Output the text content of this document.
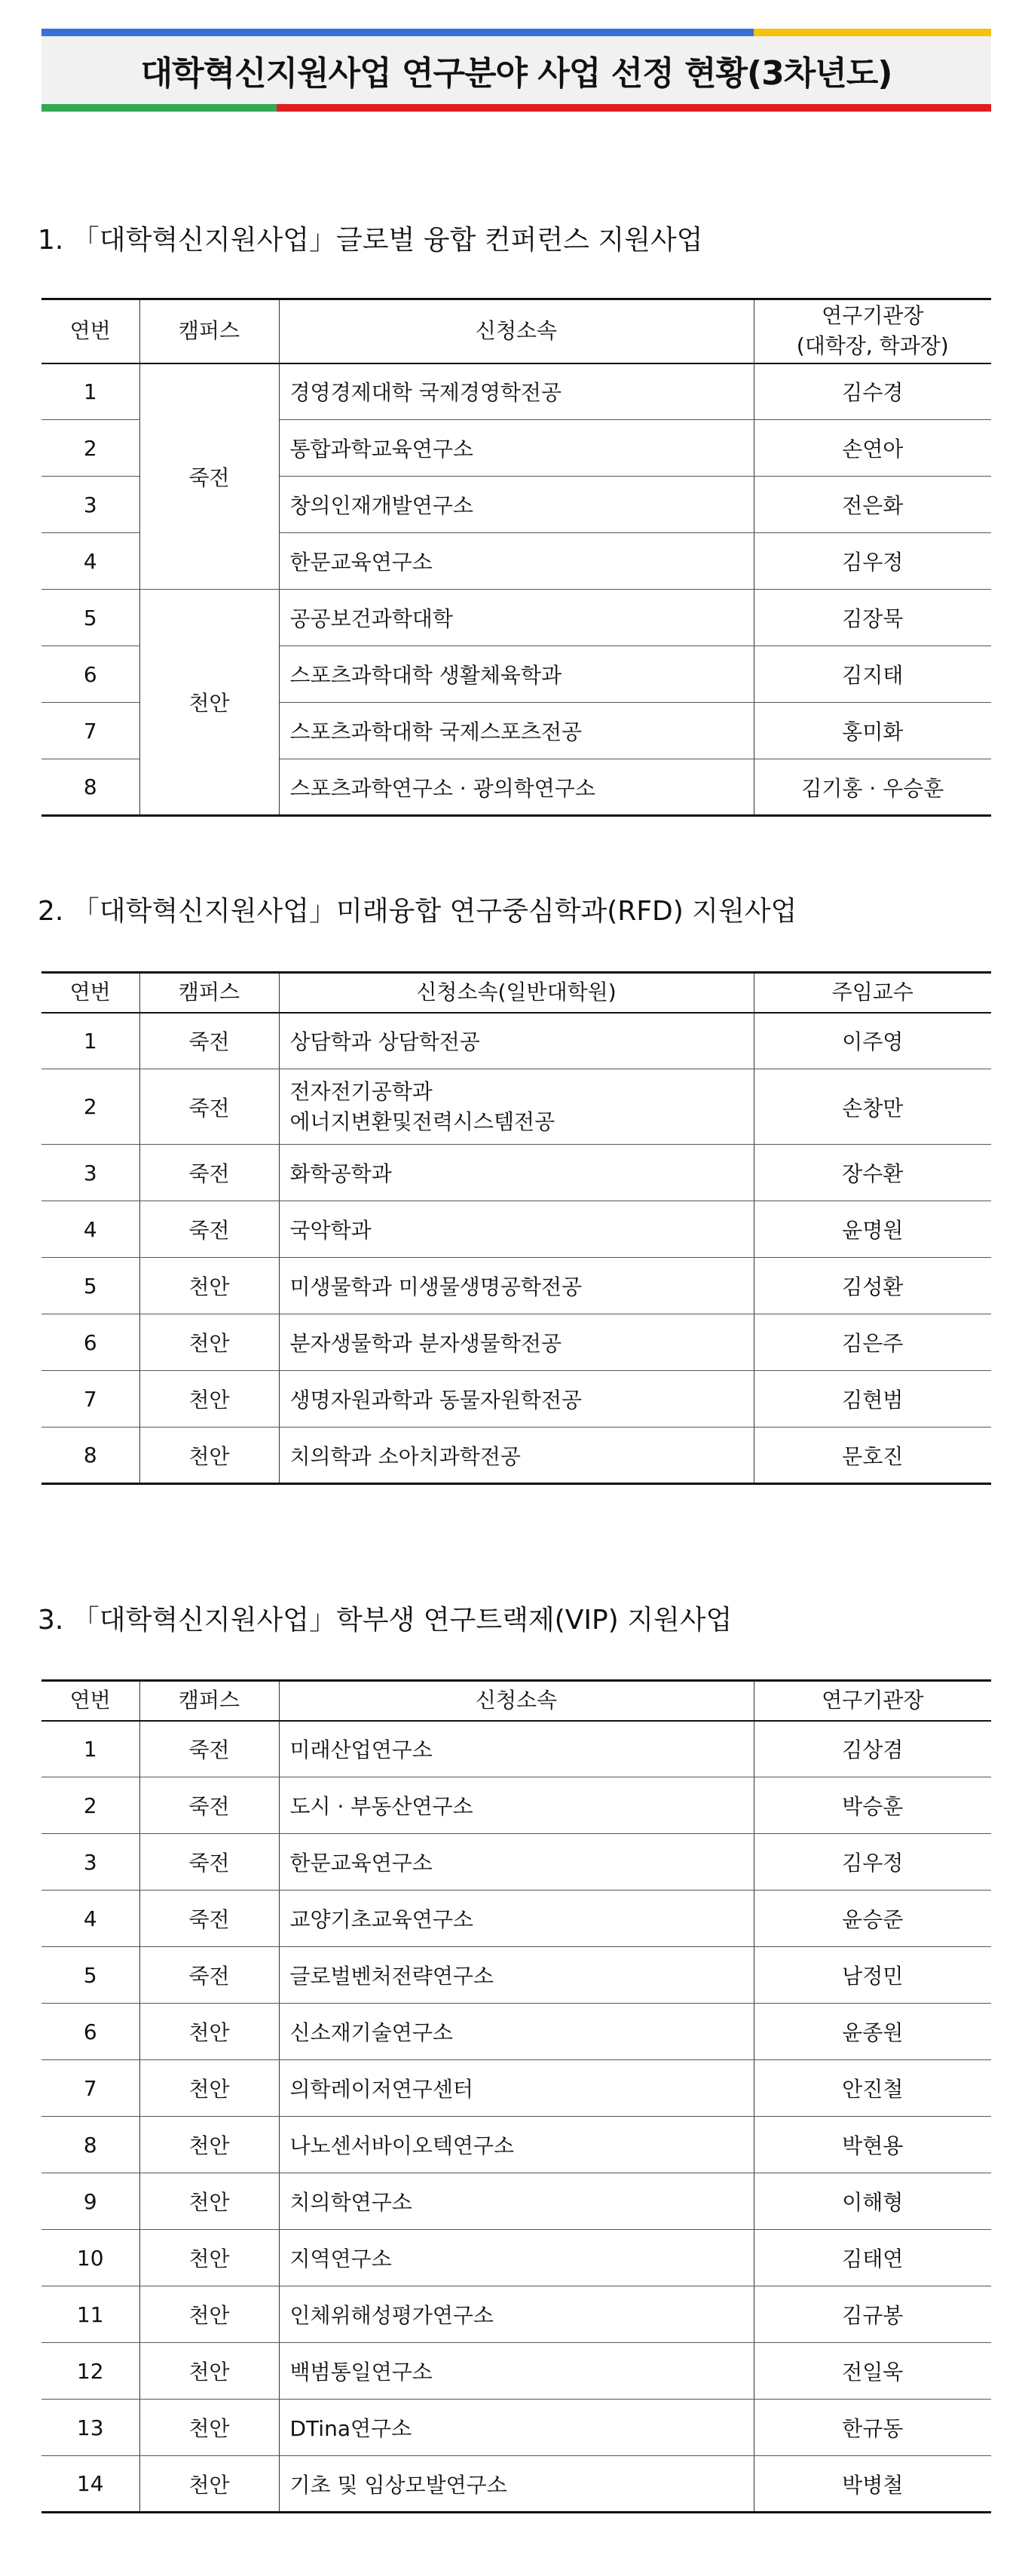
대학혁신지원사업 연구분야 사업 선정 현황(3차년도)
1. 「대학혁신지원사업」글로벌 융합 컨퍼런스 지원사업
연번	캠퍼스	신청소속	연구기관장
(대학장, 학과장)

1	죽전	경영경제대학 국제경영학전공	김수경
2		통합과학교육연구소	손연아
3		창의인재개발연구소	전은화
4		한문교육연구소	김우정
5	천안	공공보건과학대학	김장묵
6		스포츠과학대학 생활체육학과	김지태
7		스포츠과학대학 국제스포츠전공	홍미화
8		스포츠과학연구소 · 광의학연구소	김기홍 · 우승훈
2. 「대학혁신지원사업」미래융합 연구중심학과(RFD) 지원사업
연번	캠퍼스	신청소속(일반대학원)	주임교수
1	죽전	상담학과 상담학전공	이주영
2	죽전	전자전기공학과
에너지변환및전력시스템전공	손창만
3	죽전	화학공학과	장수환
4	죽전	국악학과	윤명원
5	천안	미생물학과 미생물생명공학전공	김성환
6	천안	분자생물학과 분자생물학전공	김은주
7	천안	생명자원과학과 동물자원학전공	김현범
8	천안	치의학과 소아치과학전공	문호진
3. 「대학혁신지원사업」학부생 연구트랙제(VIP) 지원사업
연번	캠퍼스	신청소속	연구기관장
1	죽전	미래산업연구소	김상겸
2	죽전	도시 · 부동산연구소	박승훈
3	죽전	한문교육연구소	김우정
4	죽전	교양기초교육연구소	윤승준
5	죽전	글로벌벤처전략연구소	남정민
6	천안	신소재기술연구소	윤종원
7	천안	의학레이저연구센터	안진철
8	천안	나노센서바이오텍연구소	박현용
9	천안	치의학연구소	이해형
10	천안	지역연구소	김태연
11	천안	인체위해성평가연구소	김규봉
12	천안	백범통일연구소	전일욱
13	천안	DTina연구소	한규동
14	천안	기초 및 임상모발연구소	박병철
